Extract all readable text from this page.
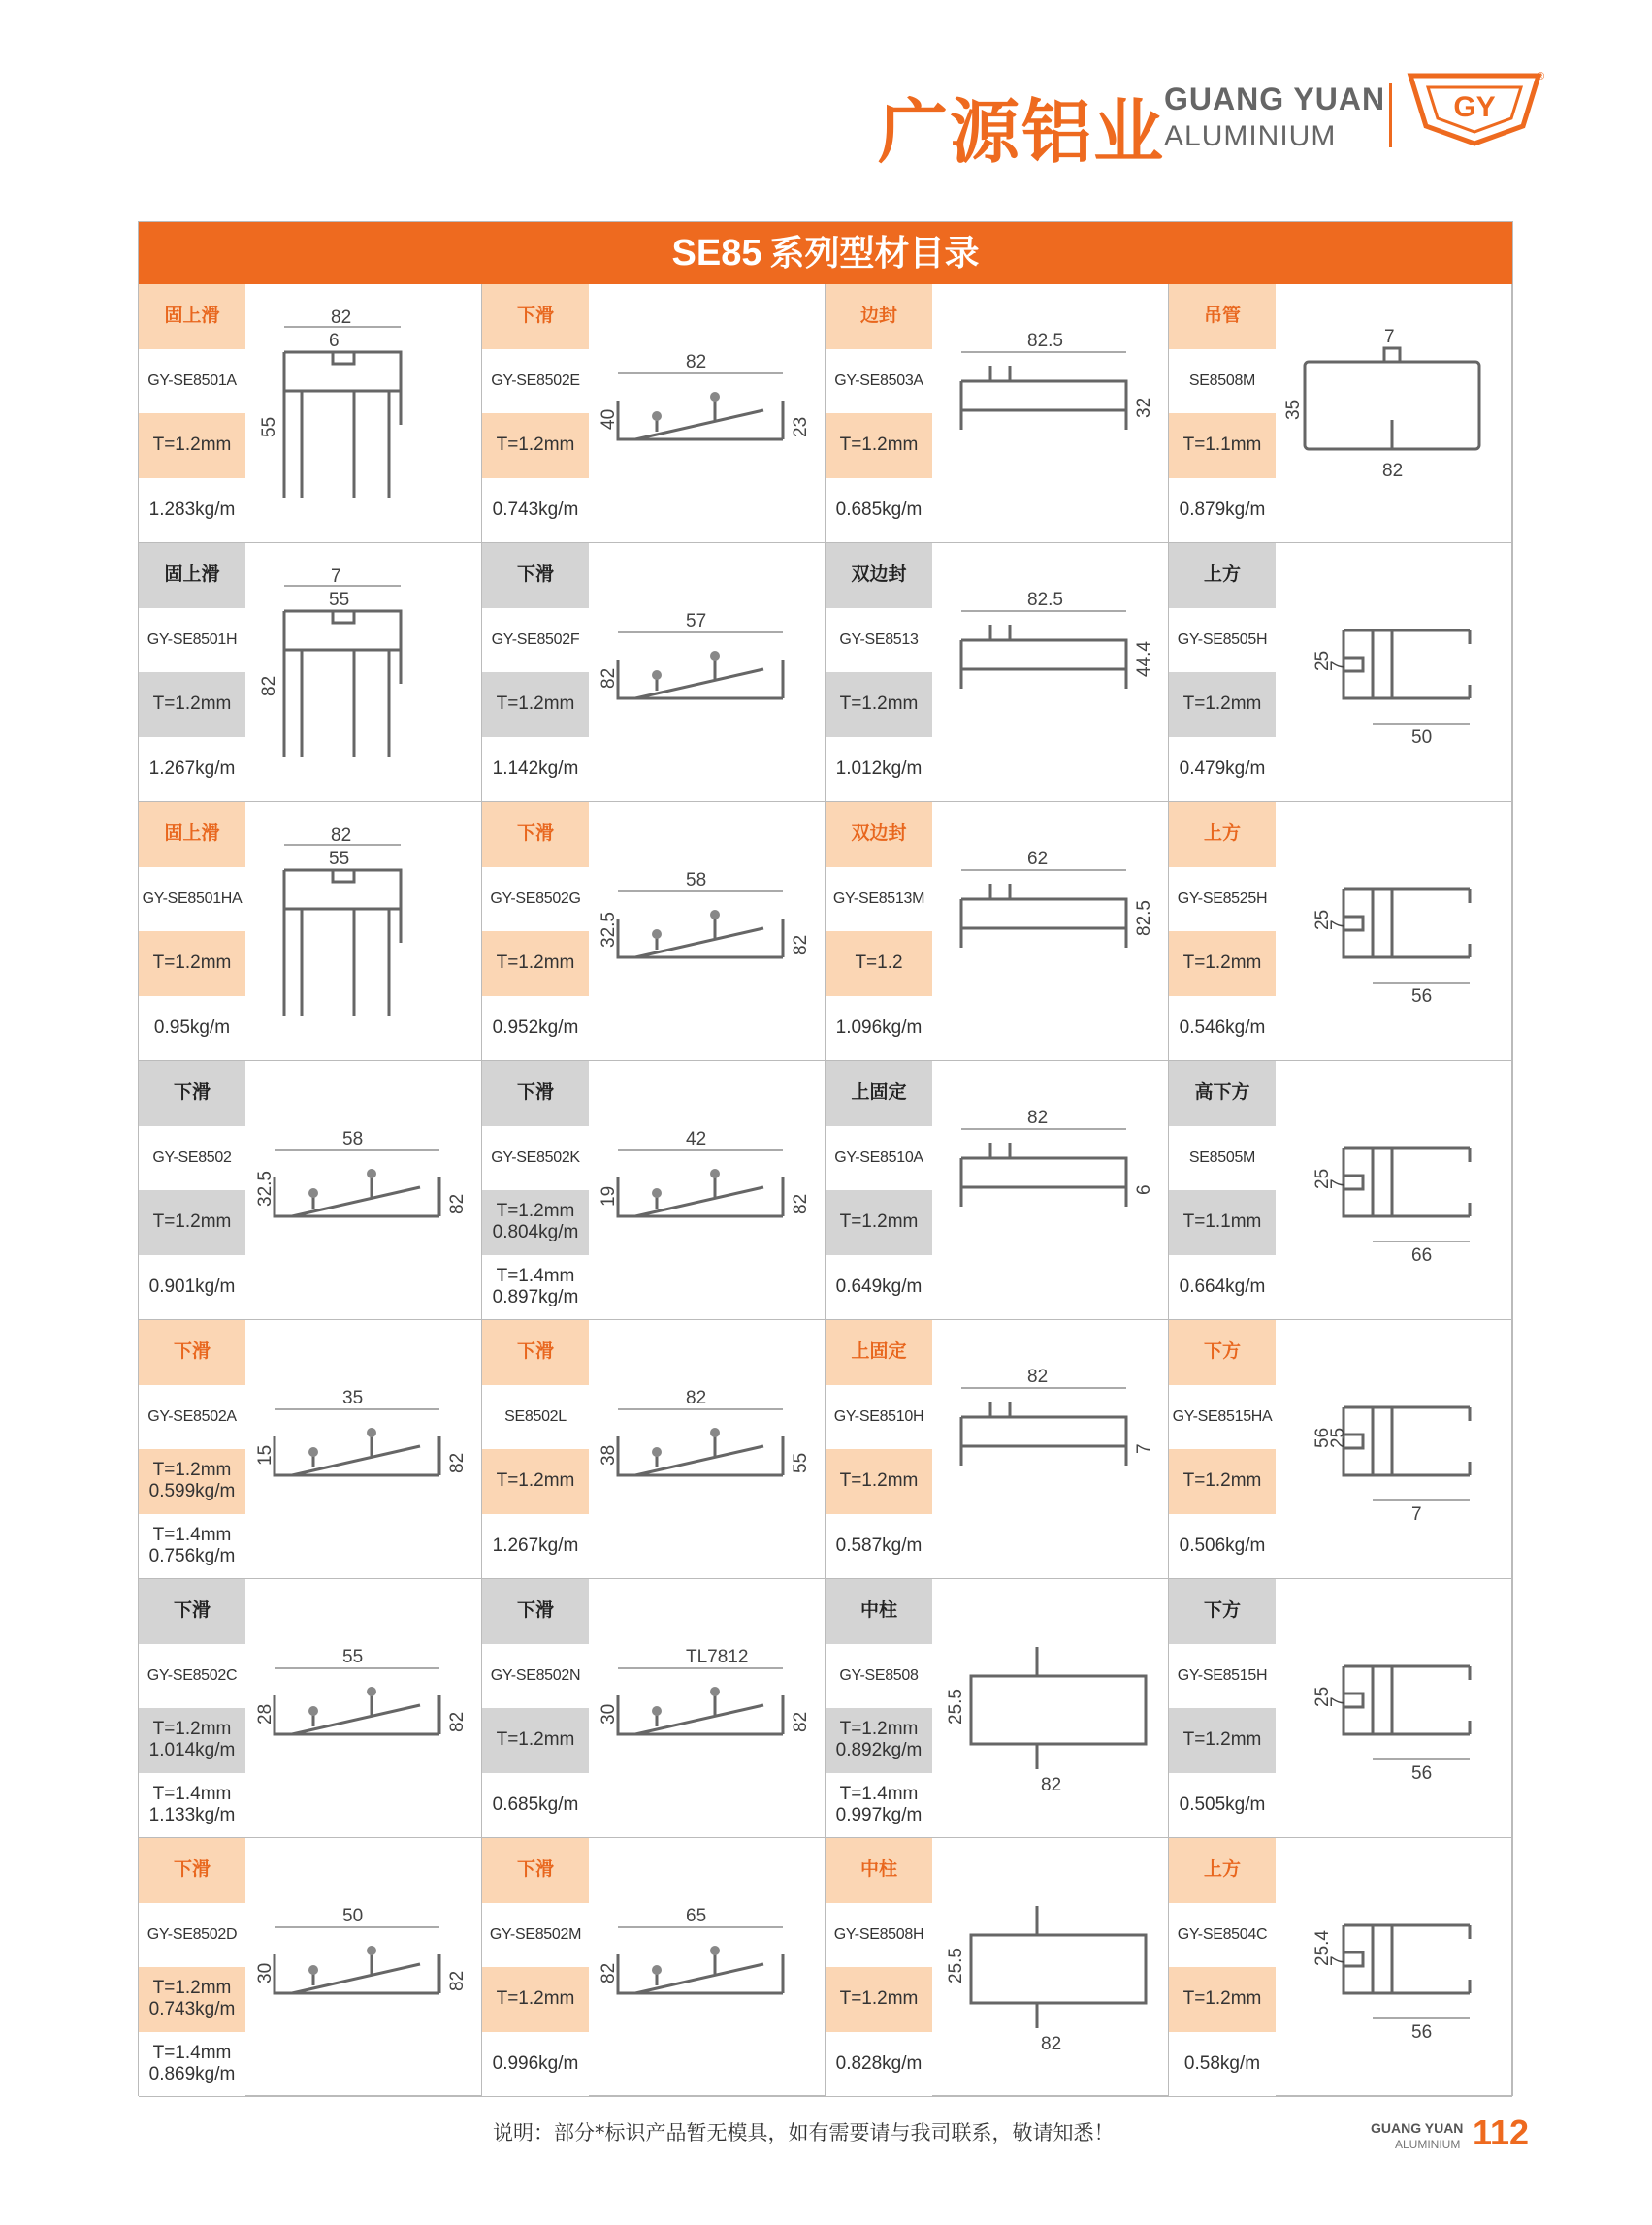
广源铝业
GUANG YUAN
ALUMINIUM
GY
®
SE85 系列型材目录
固上滑
GY-SE8501A
T=1.2mm
1.283kg/m
82
6
55
下滑
GY-SE8502E
T=1.2mm
0.743kg/m
82
40	23
边封
GY-SE8503A
T=1.2mm
0.685kg/m
82.5
32
吊管
SE8508M
T=1.1mm
0.879kg/m
7
35
82
固上滑
GY-SE8501H
T=1.2mm
1.267kg/m
7
55
82
下滑
GY-SE8502F
T=1.2mm
1.142kg/m
57
82
双边封
GY-SE8513
T=1.2mm
1.012kg/m
82.5
44.4
上方
GY-SE8505H
T=1.2mm
0.479kg/m
50
25
7
固上滑
GY-SE8501HA
T=1.2mm
0.95kg/m
82
55
下滑
GY-SE8502G
T=1.2mm
0.952kg/m
58
32.5	82
双边封
GY-SE8513M
T=1.2
1.096kg/m
62
82.5
上方
GY-SE8525H
T=1.2mm
0.546kg/m
56
25
7
下滑
GY-SE8502
T=1.2mm
0.901kg/m
58
32.5	82
下滑
GY-SE8502K
T=1.2mm
0.804kg/m
T=1.4mm
0.897kg/m
42
19	82
上固定
GY-SE8510A
T=1.2mm
0.649kg/m
82
6
高下方
SE8505M
T=1.1mm
0.664kg/m
66
25
7
下滑
GY-SE8502A
T=1.2mm
0.599kg/m
T=1.4mm
0.756kg/m
35
15	82
下滑
SE8502L
T=1.2mm
1.267kg/m
82
38	55
上固定
GY-SE8510H
T=1.2mm
0.587kg/m
82
7
下方
GY-SE8515HA
T=1.2mm
0.506kg/m
7
56
25
下滑
GY-SE8502C
T=1.2mm
1.014kg/m
T=1.4mm
1.133kg/m
55
28	82
下滑
GY-SE8502N
T=1.2mm
0.685kg/m
TL7812
30	82
中柱
GY-SE8508
T=1.2mm
0.892kg/m
T=1.4mm
0.997kg/m
25.5
82
下方
GY-SE8515H
T=1.2mm
0.505kg/m
56
25
7
下滑
GY-SE8502D
T=1.2mm
0.743kg/m
T=1.4mm
0.869kg/m
50
30	82
下滑
GY-SE8502M
T=1.2mm
0.996kg/m
65
82
中柱
GY-SE8508H
T=1.2mm
0.828kg/m
25.5
82
上方
GY-SE8504C
T=1.2mm
0.58kg/m
56
25.4
7
说明：部分*标识产品暂无模具，如有需要请与我司联系，敬请知悉！	GUANG YUAN
ALUMINIUM 112
